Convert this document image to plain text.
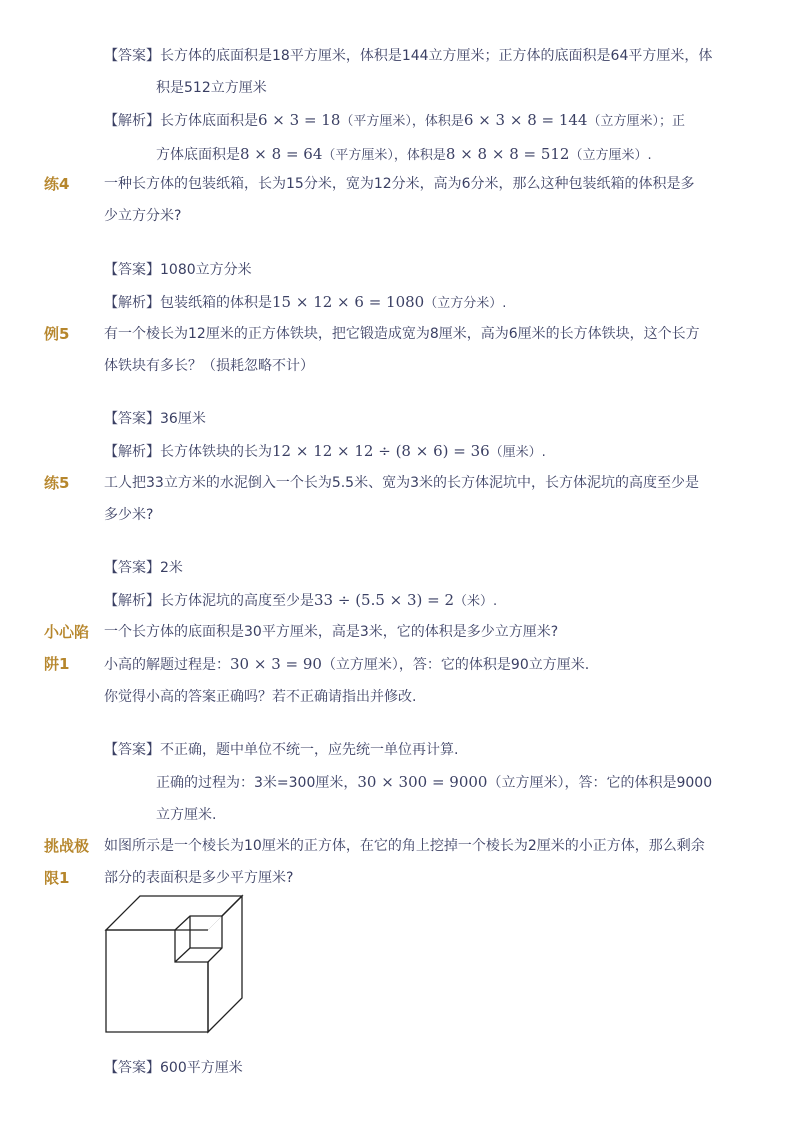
【答案】长方体的底面积是18平方厘米，体积是144立方厘米；正方体的底面积是64平方厘米，体
积是512立方厘米
【解析】长方体底面积是6 × 3 = 18（平方厘米），体积是6 × 3 × 8 = 144（立方厘米）；正
方体底面积是8 × 8 = 64（平方厘米），体积是8 × 8 × 8 = 512（立方厘米）.
练4 一种长方体的包装纸箱，长为15分米，宽为12分米，高为6分米，那么这种包装纸箱的体积是多
少立方分米?
【答案】1080立方分米
【解析】包装纸箱的体积是15 × 12 × 6 = 1080（立方分米）.
例5 有一个棱长为12厘米的正方体铁块，把它锻造成宽为8厘米，高为6厘米的长方体铁块，这个长方
体铁块有多长？（损耗忽略不计）
【答案】36厘米
【解析】长方体铁块的长为12 × 12 × 12 ÷ (8 × 6) = 36（厘米）.
练5 工人把33立方米的水泥倒入一个长为5.5米、宽为3米的长方体泥坑中，长方体泥坑的高度至少是
多少米?
【答案】2米
【解析】长方体泥坑的高度至少是33 ÷ (5.5 × 3) = 2（米）.
小心陷
阱1
一个长方体的底面积是30平方厘米，高是3米，它的体积是多少立方厘米?
小高的解题过程是：30 × 3 = 90（立方厘米），答：它的体积是90立方厘米.
你觉得小高的答案正确吗？若不正确请指出并修改.
【答案】不正确，题中单位不统一，应先统一单位再计算.
正确的过程为：3米=300厘米，30 × 300 = 9000（立方厘米），答：它的体积是9000
立方厘米.
挑战极
限1
如图所示是一个棱长为10厘米的正方体，在它的角上挖掉一个棱长为2厘米的小正方体，那么剩余
部分的表面积是多少平方厘米?
【答案】600平方厘米
